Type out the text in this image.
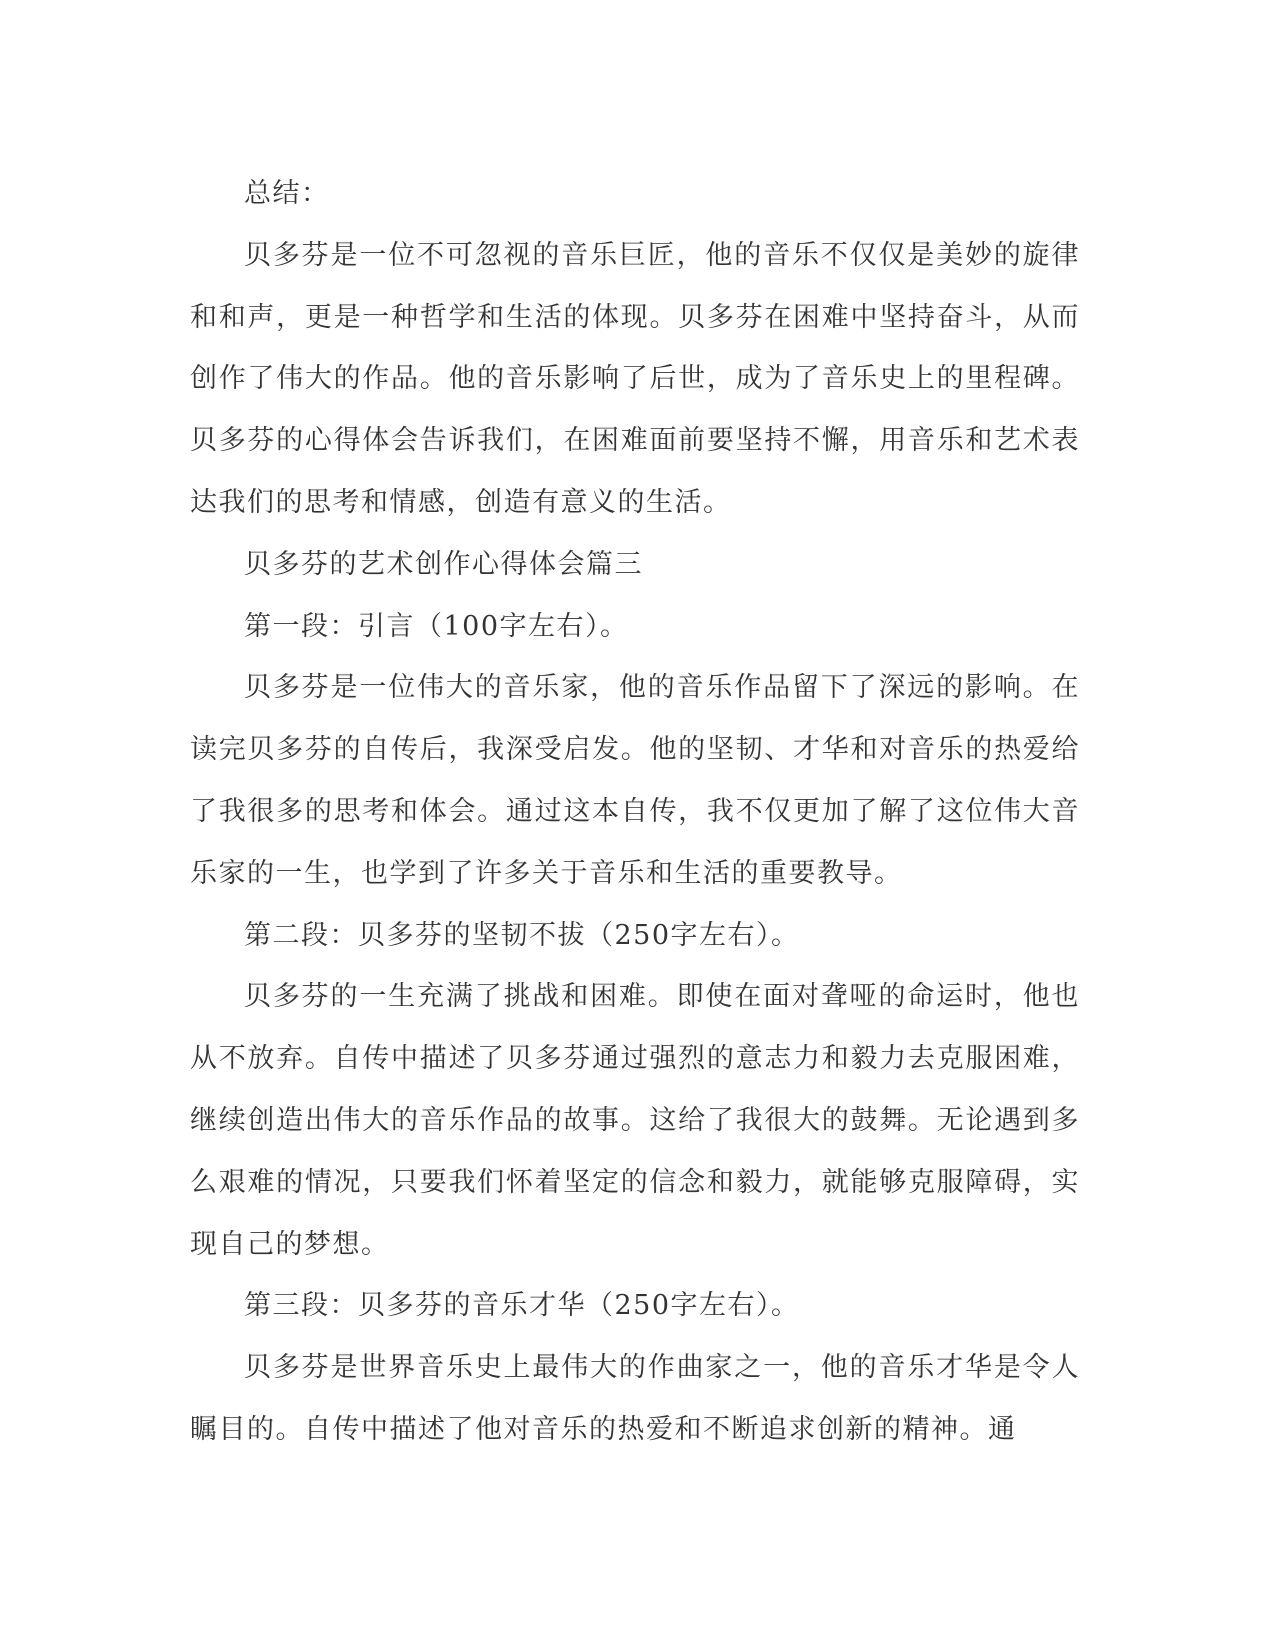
总结：

贝多芬是一位不可忽视的音乐巨匠，他的音乐不仅仅是美妙的旋律和和声，更是一种哲学和生活的体现。贝多芬在困难中坚持奋斗，从而创作了伟大的作品。他的音乐影响了后世，成为了音乐史上的里程碑。贝多芬的心得体会告诉我们，在困难面前要坚持不懈，用音乐和艺术表达我们的思考和情感，创造有意义的生活。

贝多芬的艺术创作心得体会篇三

第一段：引言（100字左右）。

贝多芬是一位伟大的音乐家，他的音乐作品留下了深远的影响。在读完贝多芬的自传后，我深受启发。他的坚韧、才华和对音乐的热爱给了我很多的思考和体会。通过这本自传，我不仅更加了解了这位伟大音乐家的一生，也学到了许多关于音乐和生活的重要教导。

第二段：贝多芬的坚韧不拔（250字左右）。

贝多芬的一生充满了挑战和困难。即使在面对聋哑的命运时，他也从不放弃。自传中描述了贝多芬通过强烈的意志力和毅力去克服困难，继续创造出伟大的音乐作品的故事。这给了我很大的鼓舞。无论遇到多么艰难的情况，只要我们怀着坚定的信念和毅力，就能够克服障碍，实现自己的梦想。

第三段：贝多芬的音乐才华（250字左右）。

贝多芬是世界音乐史上最伟大的作曲家之一，他的音乐才华是令人瞩目的。自传中描述了他对音乐的热爱和不断追求创新的精神。通
